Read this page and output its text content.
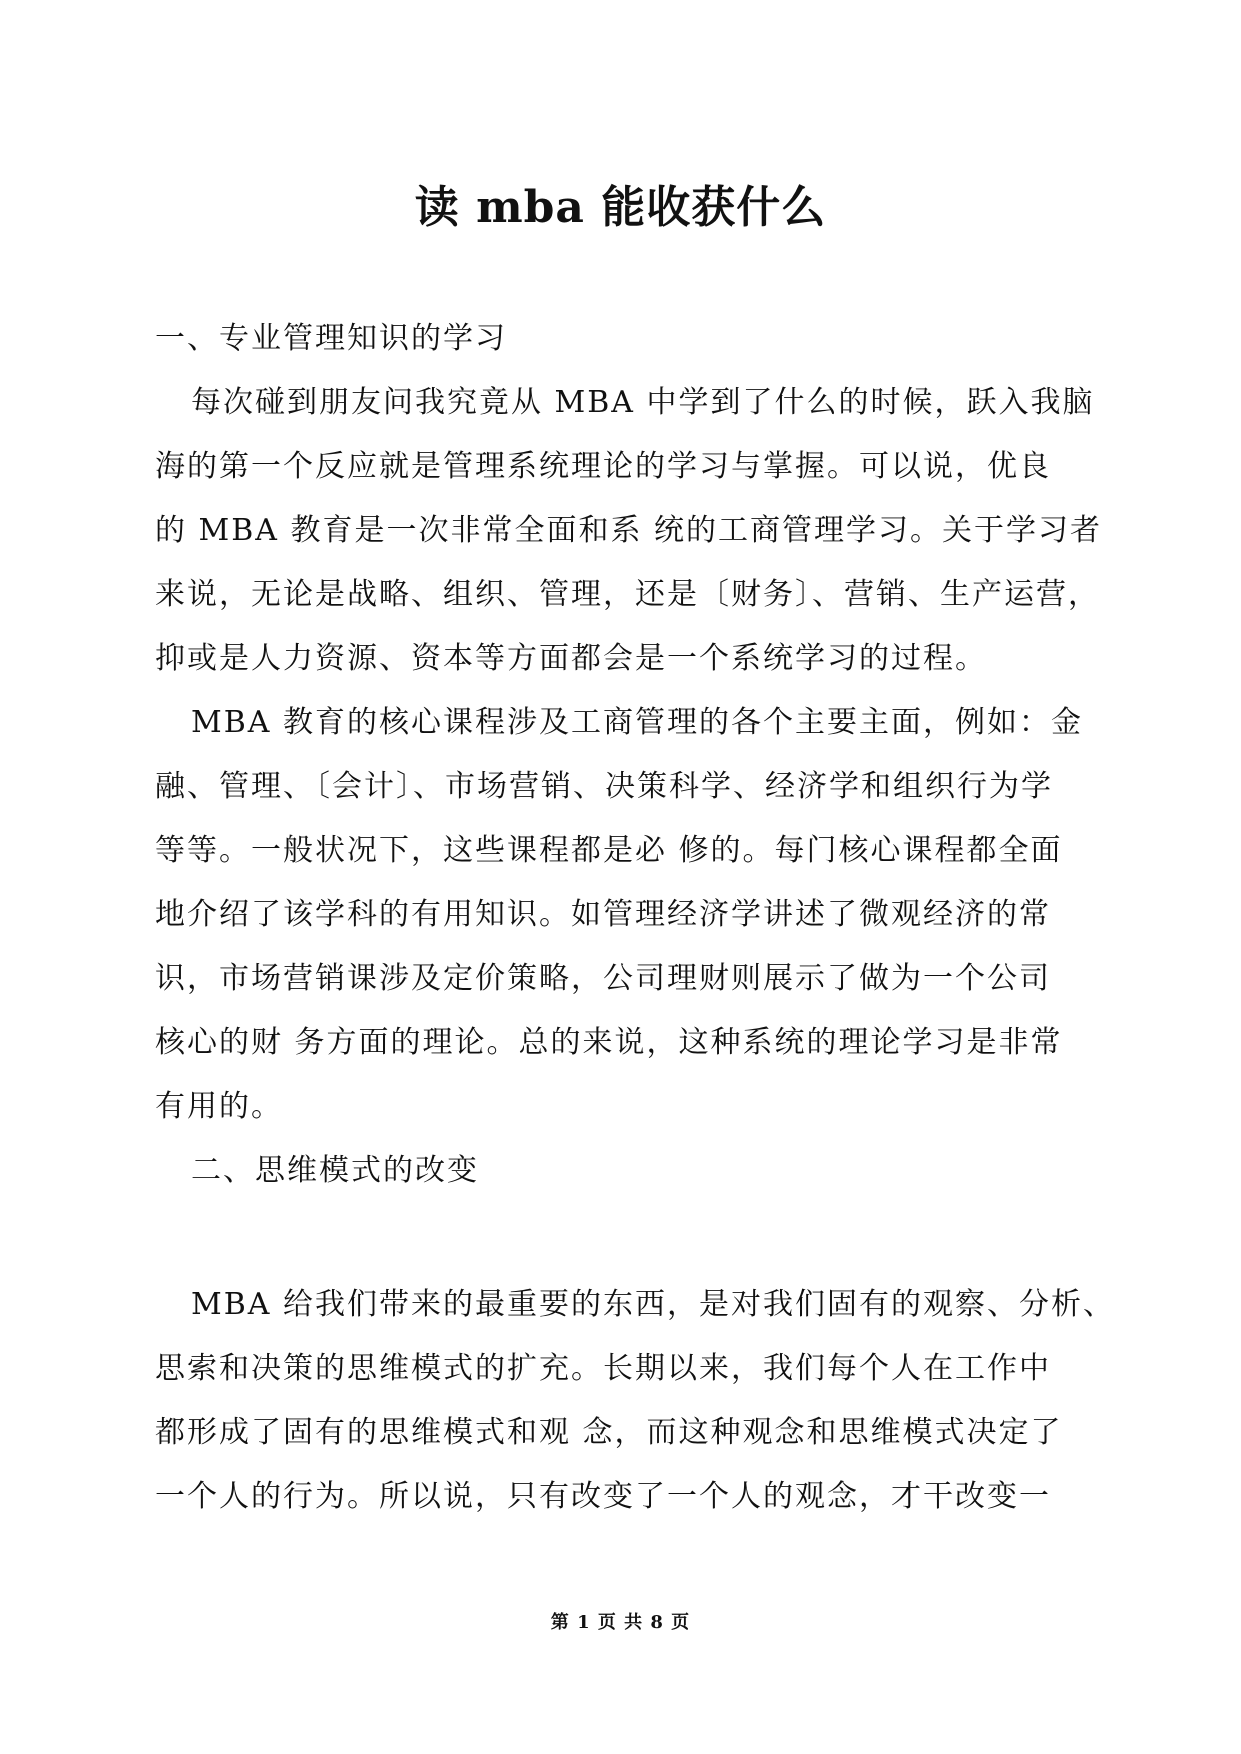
读 mba 能收获什么
一、专业管理知识的学习
每次碰到朋友问我究竟从 MBA 中学到了什么的时候，跃入我脑
海的第一个反应就是管理系统理论的学习与掌握。可以说，优良
的 MBA 教育是一次非常全面和系 统的工商管理学习。关于学习者
来说，无论是战略、组织、管理，还是〔财务〕、营销、生产运营，
抑或是人力资源、资本等方面都会是一个系统学习的过程。
MBA 教育的核心课程涉及工商管理的各个主要主面，例如：金
融、管理、〔会计〕、市场营销、决策科学、经济学和组织行为学
等等。一般状况下，这些课程都是必 修的。每门核心课程都全面
地介绍了该学科的有用知识。如管理经济学讲述了微观经济的常
识，市场营销课涉及定价策略，公司理财则展示了做为一个公司
核心的财 务方面的理论。总的来说，这种系统的理论学习是非常
有用的。
二、思维模式的改变
MBA 给我们带来的最重要的东西，是对我们固有的观察、分析、
思索和决策的思维模式的扩充。长期以来，我们每个人在工作中
都形成了固有的思维模式和观 念，而这种观念和思维模式决定了
一个人的行为。所以说，只有改变了一个人的观念，才干改变一
第 1 页 共 8 页
